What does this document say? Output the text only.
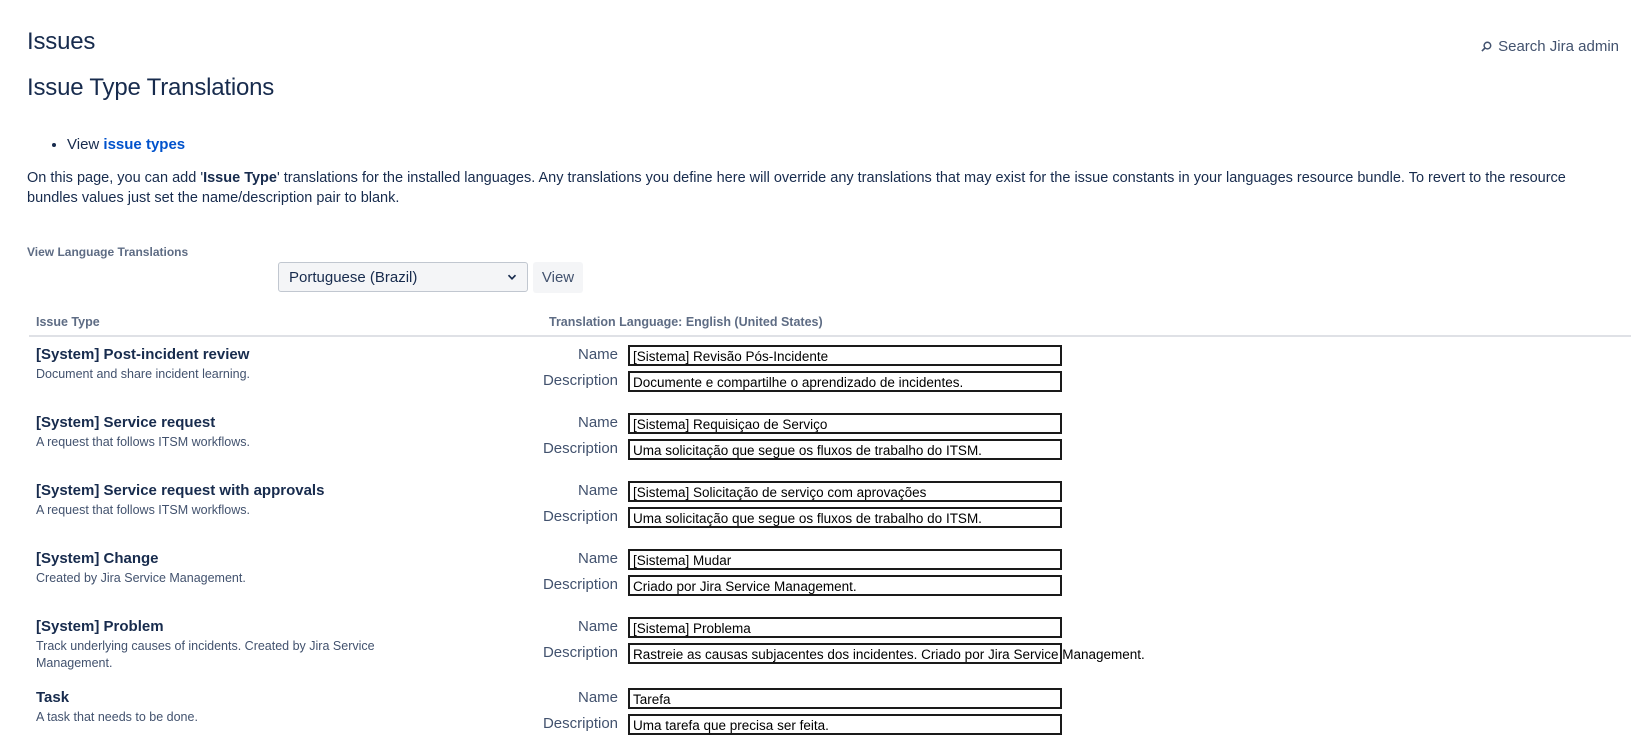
Issues	Search Jira admin
Issue Type Translations
• View issue types

On this page, you can add 'Issue Type' translations for the installed languages. Any translations you define here will override any translations that may exist for the issue constants in your languages resource bundle. To revert to the resource bundles values just set the name/description pair to blank.

View Language Translations
Portuguese (Brazil)	View
Issue Type	Translation Language: English (United States)
[System] Post-incident review
Document and share incident learning.
Name	[Sistema] Revisão Pós-Incidente
Description	Documente e compartilhe o aprendizado de incidentes.
[System] Service request
A request that follows ITSM workflows.
Name	[Sistema] Requisiçao de Serviço
Description	Uma solicitação que segue os fluxos de trabalho do ITSM.
[System] Service request with approvals
A request that follows ITSM workflows.
Name	[Sistema] Solicitação de serviço com aprovações
Description	Uma solicitação que segue os fluxos de trabalho do ITSM.
[System] Change
Created by Jira Service Management.
Name	[Sistema] Mudar
Description	Criado por Jira Service Management.
[System] Problem
Track underlying causes of incidents. Created by Jira Service Management.
Name	[Sistema] Problema
Description	Rastreie as causas subjacentes dos incidentes. Criado por Jira Service Management.
Task
A task that needs to be done.
Name	Tarefa
Description	Uma tarefa que precisa ser feita.
